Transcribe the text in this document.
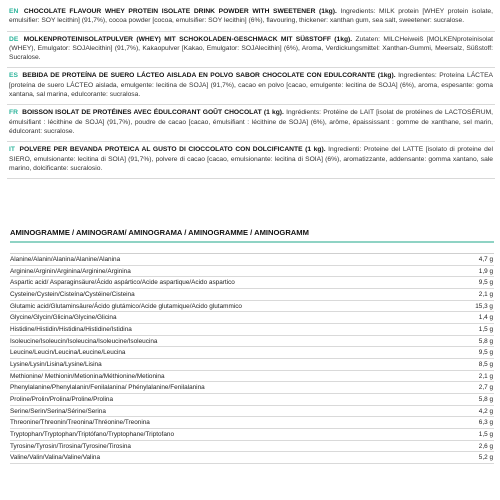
EN CHOCOLATE FLAVOUR WHEY PROTEIN ISOLATE DRINK POWDER WITH SWEETENER (1kg). Ingredients: MILK protein [WHEY protein isolate, emulsifier: SOY lecithin] (91,7%), cocoa powder [cocoa, emulsifier: SOY lecithin] (6%), flavouring, thickener: xanthan gum, sea salt, sweetener: sucralose.
DE MOLKENPROTEINISOLATPULVER (WHEY) MIT SCHOKOLADEN-GESCHMACK MIT SÜßSTOFF (1kg). Zutaten: MILCHeiweiß [MOLKENproteinisolat (WHEY), Emulgator: SOJAlecithin] (91,7%), Kakaopulver [Kakao, Emulgator: SOJAlecithin] (6%), Aroma, Verdickungsmittel: Xanthan-Gummi, Meersalz, Süßstoff: Sucralose.
ES BEBIDA DE PROTEÍNA DE SUERO LÁCTEO AISLADA EN POLVO SABOR CHOCOLATE CON EDULCORANTE (1kg). Ingredientes: Proteína LÁCTEA [proteína de suero LÁCTEO aislada, emulgente: lecitina de SOJA] (91,7%), cacao en polvo [cacao, emulgente: lecitina de SOJA] (6%), aroma, espesante: goma xantana, sal marina, edulcorante: sucralosa.
FR BOISSON ISOLAT DE PROTÉINES AVEC ÉDULCORANT GOÛT CHOCOLAT (1 kg). Ingrédients: Protéine de LAIT [isolat de protéines de LACTOSÉRUM, émulsifiant : lécithine de SOJA] (91,7%), poudre de cacao [cacao, émulsifiant : lécithine de SOJA] (6%), arôme, épaississant : gomme de xanthane, sel marin, édulcorant: sucralose.
IT POLVERE PER BEVANDA PROTEICA AL GUSTO DI CIOCCOLATO CON DOLCIFICANTE (1 kg). Ingredienti: Proteine del LATTE [isolato di proteine del SIERO, emulsionante: lecitina di SOIA] (91,7%), polvere di cacao [cacao, emulsionante: lecitina di SOIA] (6%), aromatizzante, addensante: gomma xantano, sale marino, dolcificante: sucralosio.
AMINOGRAMME / AMINOGRAM/ AMINOGRAMA / AMINOGRAMME / AMINOGRAMM
Alanine/Alanin/Alanina/Alanine/Alanina	4,7 g
Arginine/Arginin/Arginina/Arginine/Arginina	1,9 g
Aspartic acid/ Asparaginsäure/Ácido aspártico/Acide aspartique/Acido aspartico	9,5 g
Cysteine/Cystein/Cisteína/Cystéine/Cisteina	2,1 g
Glutamic acid/Glutaminsäure/Ácido glutámico/Acide glutamique/Acido glutammico	15,3 g
Glycine/Glycin/Glicina/Glycine/Glicina	1,4 g
Histidine/Histidin/Histidina/Histidine/Istidina	1,5 g
Isoleucine/Isoleucin/Isoleucina/Isoleucine/Isoleucina	5,8 g
Leucine/Leucin/Leucina/Leucine/Leucina	9,5 g
Lysine/Lysin/Lisina/Lysine/Lisina	8,5 g
Methionine/ Methionin/Metionina/Méthionine/Metionina	2,1 g
Phenylalanine/Phenylalanin/Fenilalanina/ Phénylalanine/Fenilalanina	2,7 g
Proline/Prolin/Prolina/Proline/Prolina	5,8 g
Serine/Serin/Serina/Sérine/Serina	4,2 g
Threonine/Threonin/Treonina/Thréonine/Treonina	6,3 g
Tryptophan/Tryptophan/Triptófano/Tryptophane/Triptofano	1,5 g
Tyrosine/Tyrosin/Tirosina/Tyrosine/Tirosina	2,6 g
Valine/Valin/Valina/Valine/Valina	5,2 g
